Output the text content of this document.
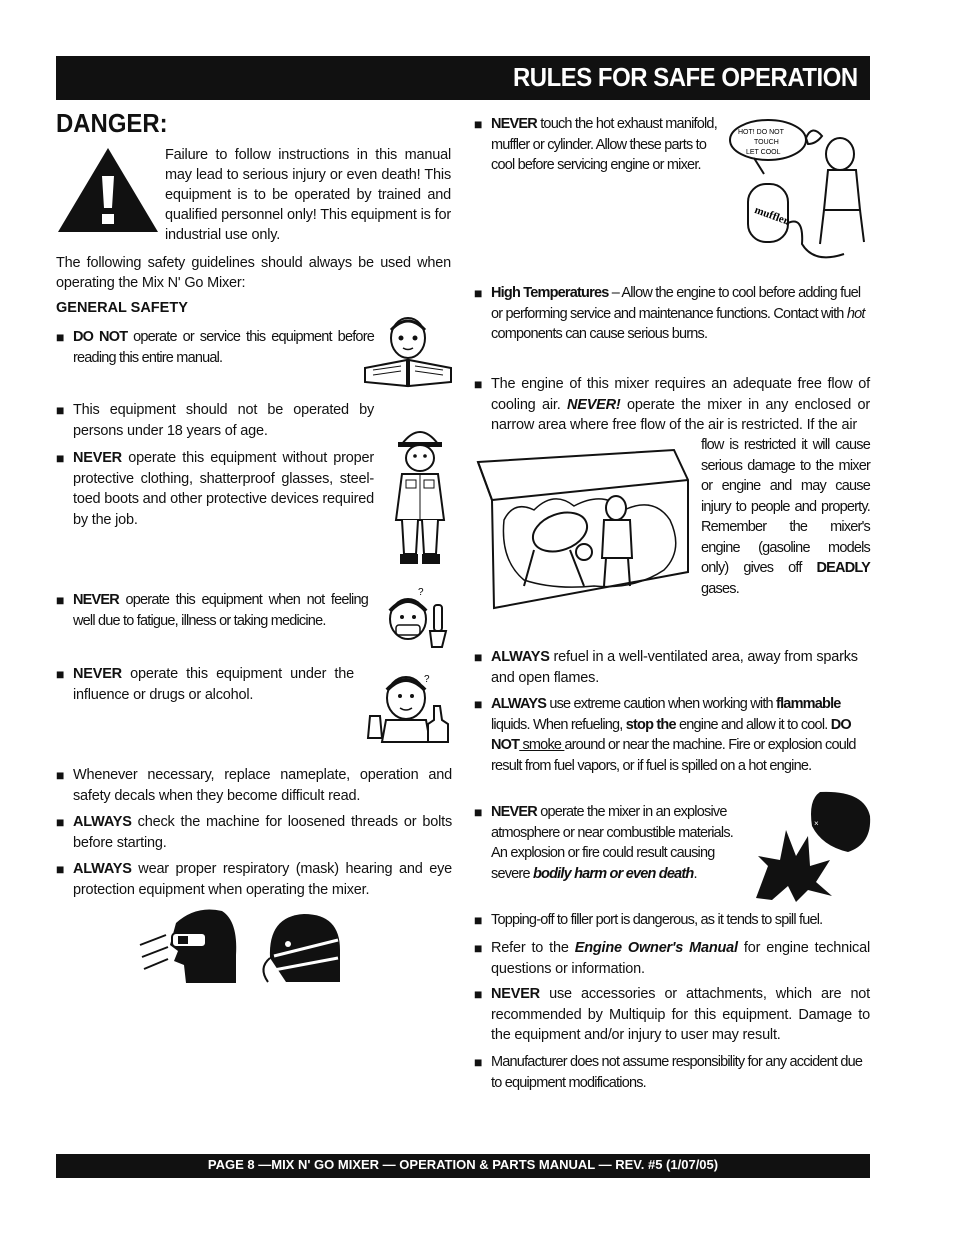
RULES FOR SAFE OPERATION
DANGER:
Failure to follow instructions in this manual may lead to serious injury or even death! This equipment is to be operated by trained and qualified personnel only! This equipment is for industrial use only.
The following safety guidelines should always be used when operating the Mix N' Go Mixer:
GENERAL SAFETY
■ DO NOT operate or service this equipment before reading this entire manual.
■ This equipment should not be operated by persons under 18 years of age.
■ NEVER operate this equipment without proper protective clothing, shatterproof glasses, steel-toed boots and other protective devices required by the job.
■ NEVER operate this equipment when not feeling well due to fatigue, illness or taking medicine.
■ NEVER operate this equipment under the influence or drugs or alcohol.
■ Whenever necessary, replace nameplate, operation and safety decals when they become difficult read.
■ ALWAYS check the machine for loosened threads or bolts before starting.
■ ALWAYS wear proper respiratory (mask) hearing and eye protection equipment when operating the mixer.
?
?
■ NEVER touch the hot exhaust manifold, muffler or cylinder. Allow these parts to cool before servicing engine or mixer.
HOT! DO NOT
TOUCH
LET COOL
muffler
■ High Temperatures – Allow the engine to cool before adding fuel or performing service and maintenance functions. Contact with hot components can cause serious burns.
■ The engine of this mixer requires an adequate free flow of cooling air. NEVER! operate the mixer in any enclosed or narrow area where free flow of the air is restricted. If the air
flow is restricted it will cause serious damage to the mixer or engine and may cause injury to people and property. Remember the mixer's engine (gasoline models only) gives off DEADLY gases.
■ ALWAYS refuel in a well-ventilated area, away from sparks and open flames.
■ ALWAYS use extreme caution when working with flammable liquids. When refueling, stop the engine and allow it to cool. DO NOT smoke around or near the machine. Fire or explosion could result from fuel vapors, or if fuel is spilled on a hot engine.
■ NEVER operate the mixer in an explosive atmosphere or near combustible materials. An explosion or fire could result causing severe bodily harm or even death.
×
■ Topping-off to filler port is dangerous, as it tends to spill fuel.
■ Refer to the Engine Owner's Manual for engine technical questions or information.
■ NEVER use accessories or attachments, which are not recommended by Multiquip for this equipment. Damage to the equipment and/or injury to user may result.
■ Manufacturer does not assume responsibility for any accident due to equipment modifications.
PAGE 8 —MIX N' GO MIXER — OPERATION & PARTS MANUAL — REV. #5 (1/07/05)
